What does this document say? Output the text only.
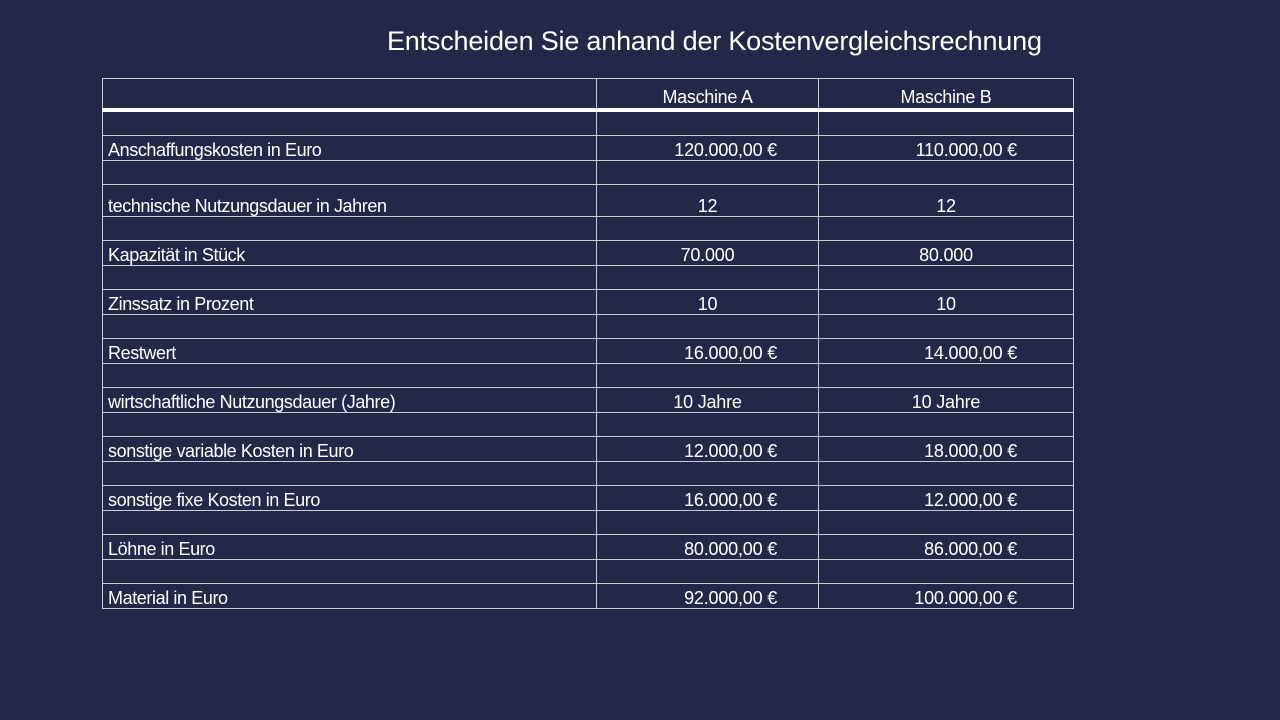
Entscheiden Sie anhand der Kostenvergleichsrechnung
	Maschine A	Maschine B

Anschaffungskosten in Euro	120.000,00 €	110.000,00 €

technische Nutzungsdauer in Jahren	12	12

Kapazität in Stück	70.000	80.000

Zinssatz in Prozent	10	10

Restwert	16.000,00 €	14.000,00 €

wirtschaftliche Nutzungsdauer (Jahre)	10 Jahre	10 Jahre

sonstige variable Kosten in Euro	12.000,00 €	18.000,00 €

sonstige fixe Kosten in Euro	16.000,00 €	12.000,00 €

Löhne in Euro	80.000,00 €	86.000,00 €

Material in Euro	92.000,00 €	100.000,00 €
